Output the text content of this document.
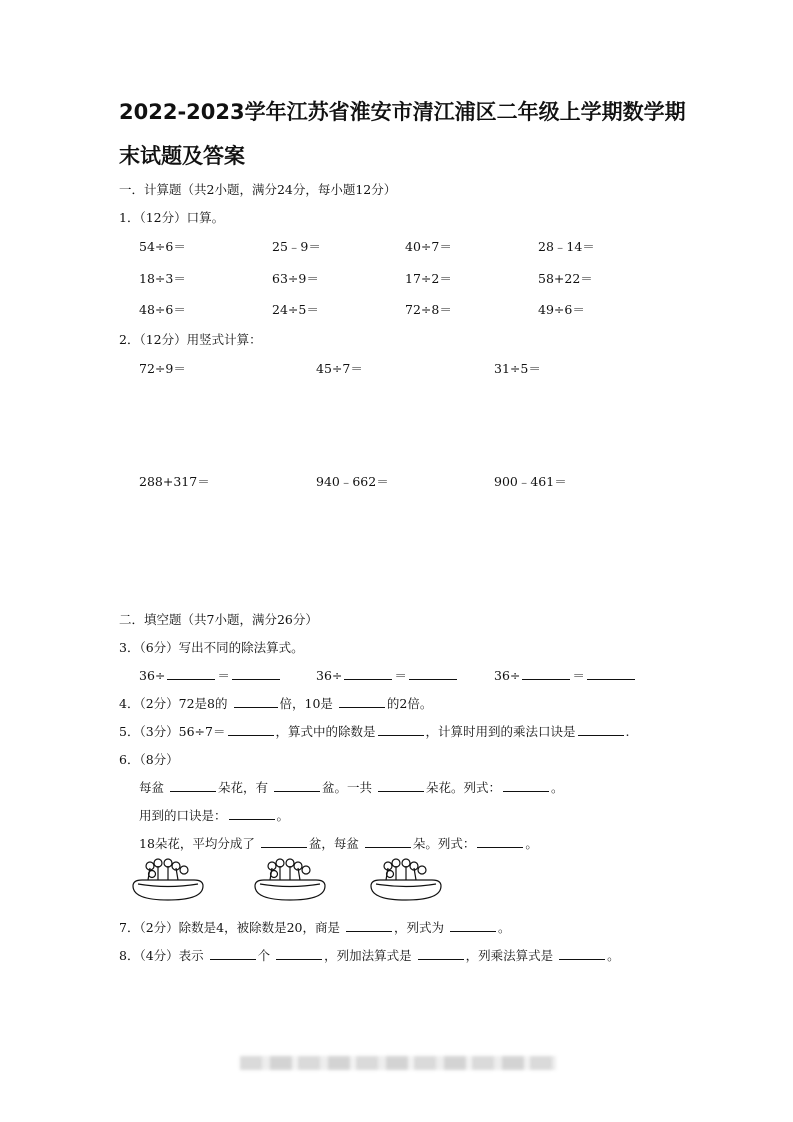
2022-2023学年江苏省淮安市清江浦区二年级上学期数学期
末试题及答案
一．计算题（共2小题，满分24分，每小题12分）
1．（12分）口算。
54÷6＝	25﹣9＝	40÷7＝	28﹣14＝
18÷3＝	63÷9＝	17÷2＝	58+22＝
48÷6＝	24÷5＝	72÷8＝	49÷6＝
2．（12分）用竖式计算：
72÷9＝	45÷7＝	31÷5＝
288+317＝	940﹣662＝	900﹣461＝
二．填空题（共7小题，满分26分）
3．（6分）写出不同的除法算式。
36÷	＝	36÷	＝	36÷	＝
4．（2分）72是8的	倍，10是	的2倍。
5．（3分）56÷7＝	，算式中的除数是	，计算时用到的乘法口诀是	.
6．（8分）
每盆	朵花，有	盆。一共	朵花。列式：	。
用到的口诀是：	。
18朵花，平均分成了	盆，每盆	朵。列式：	。
7．（2分）除数是4，被除数是20，商是	，列式为	。
8．（4分）表示	个	，列加法算式是	，列乘法算式是	。
